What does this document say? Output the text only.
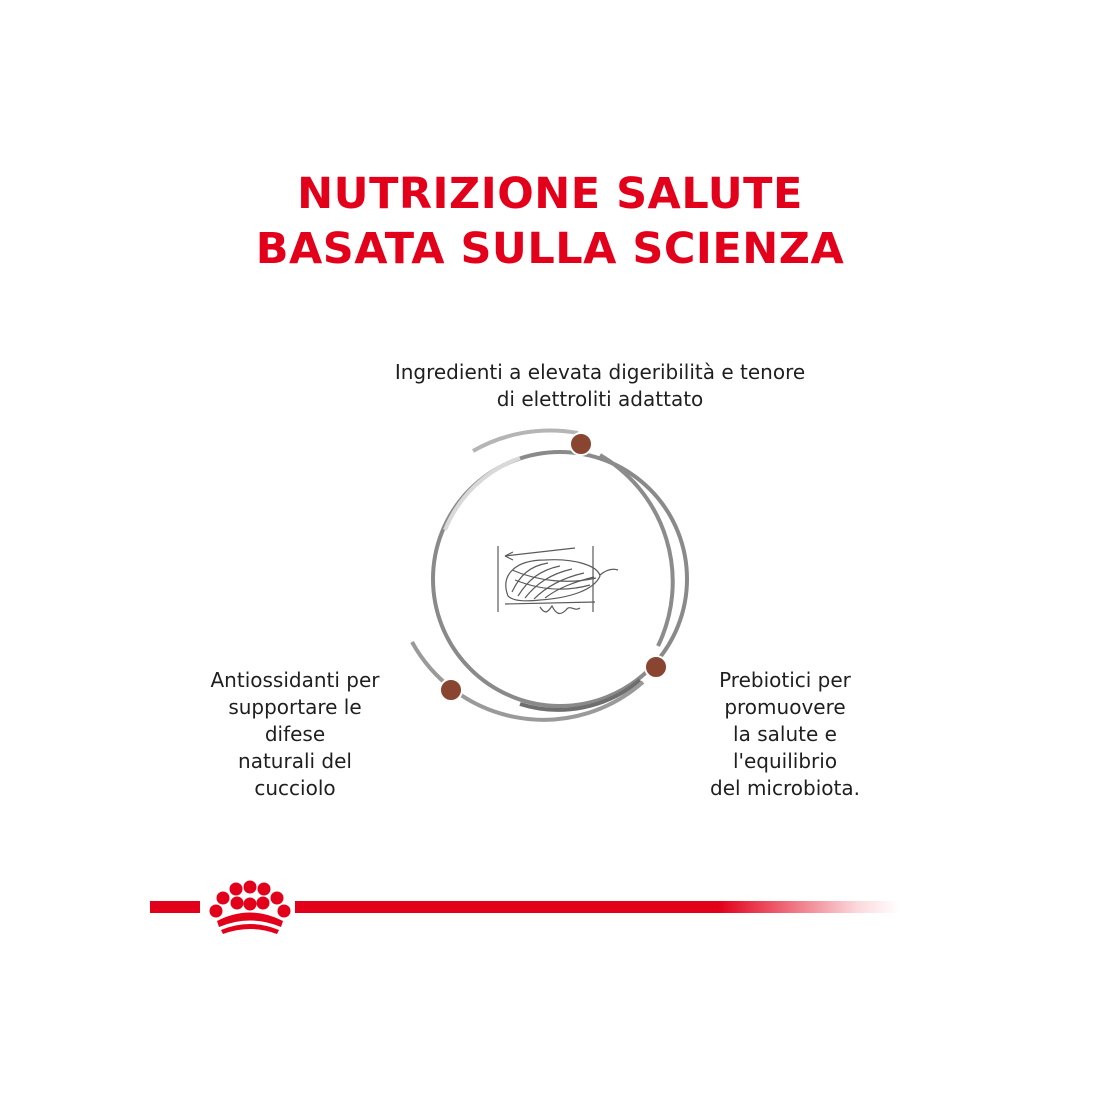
NUTRIZIONE SALUTE
BASATA SULLA SCIENZA

Ingredienti a elevata digeribilità e tenore
di elettroliti adattato

Antiossidanti per
supportare le
difese
naturali del
cucciolo

Prebiotici per
promuovere
la salute e
l'equilibrio
del microbiota.
